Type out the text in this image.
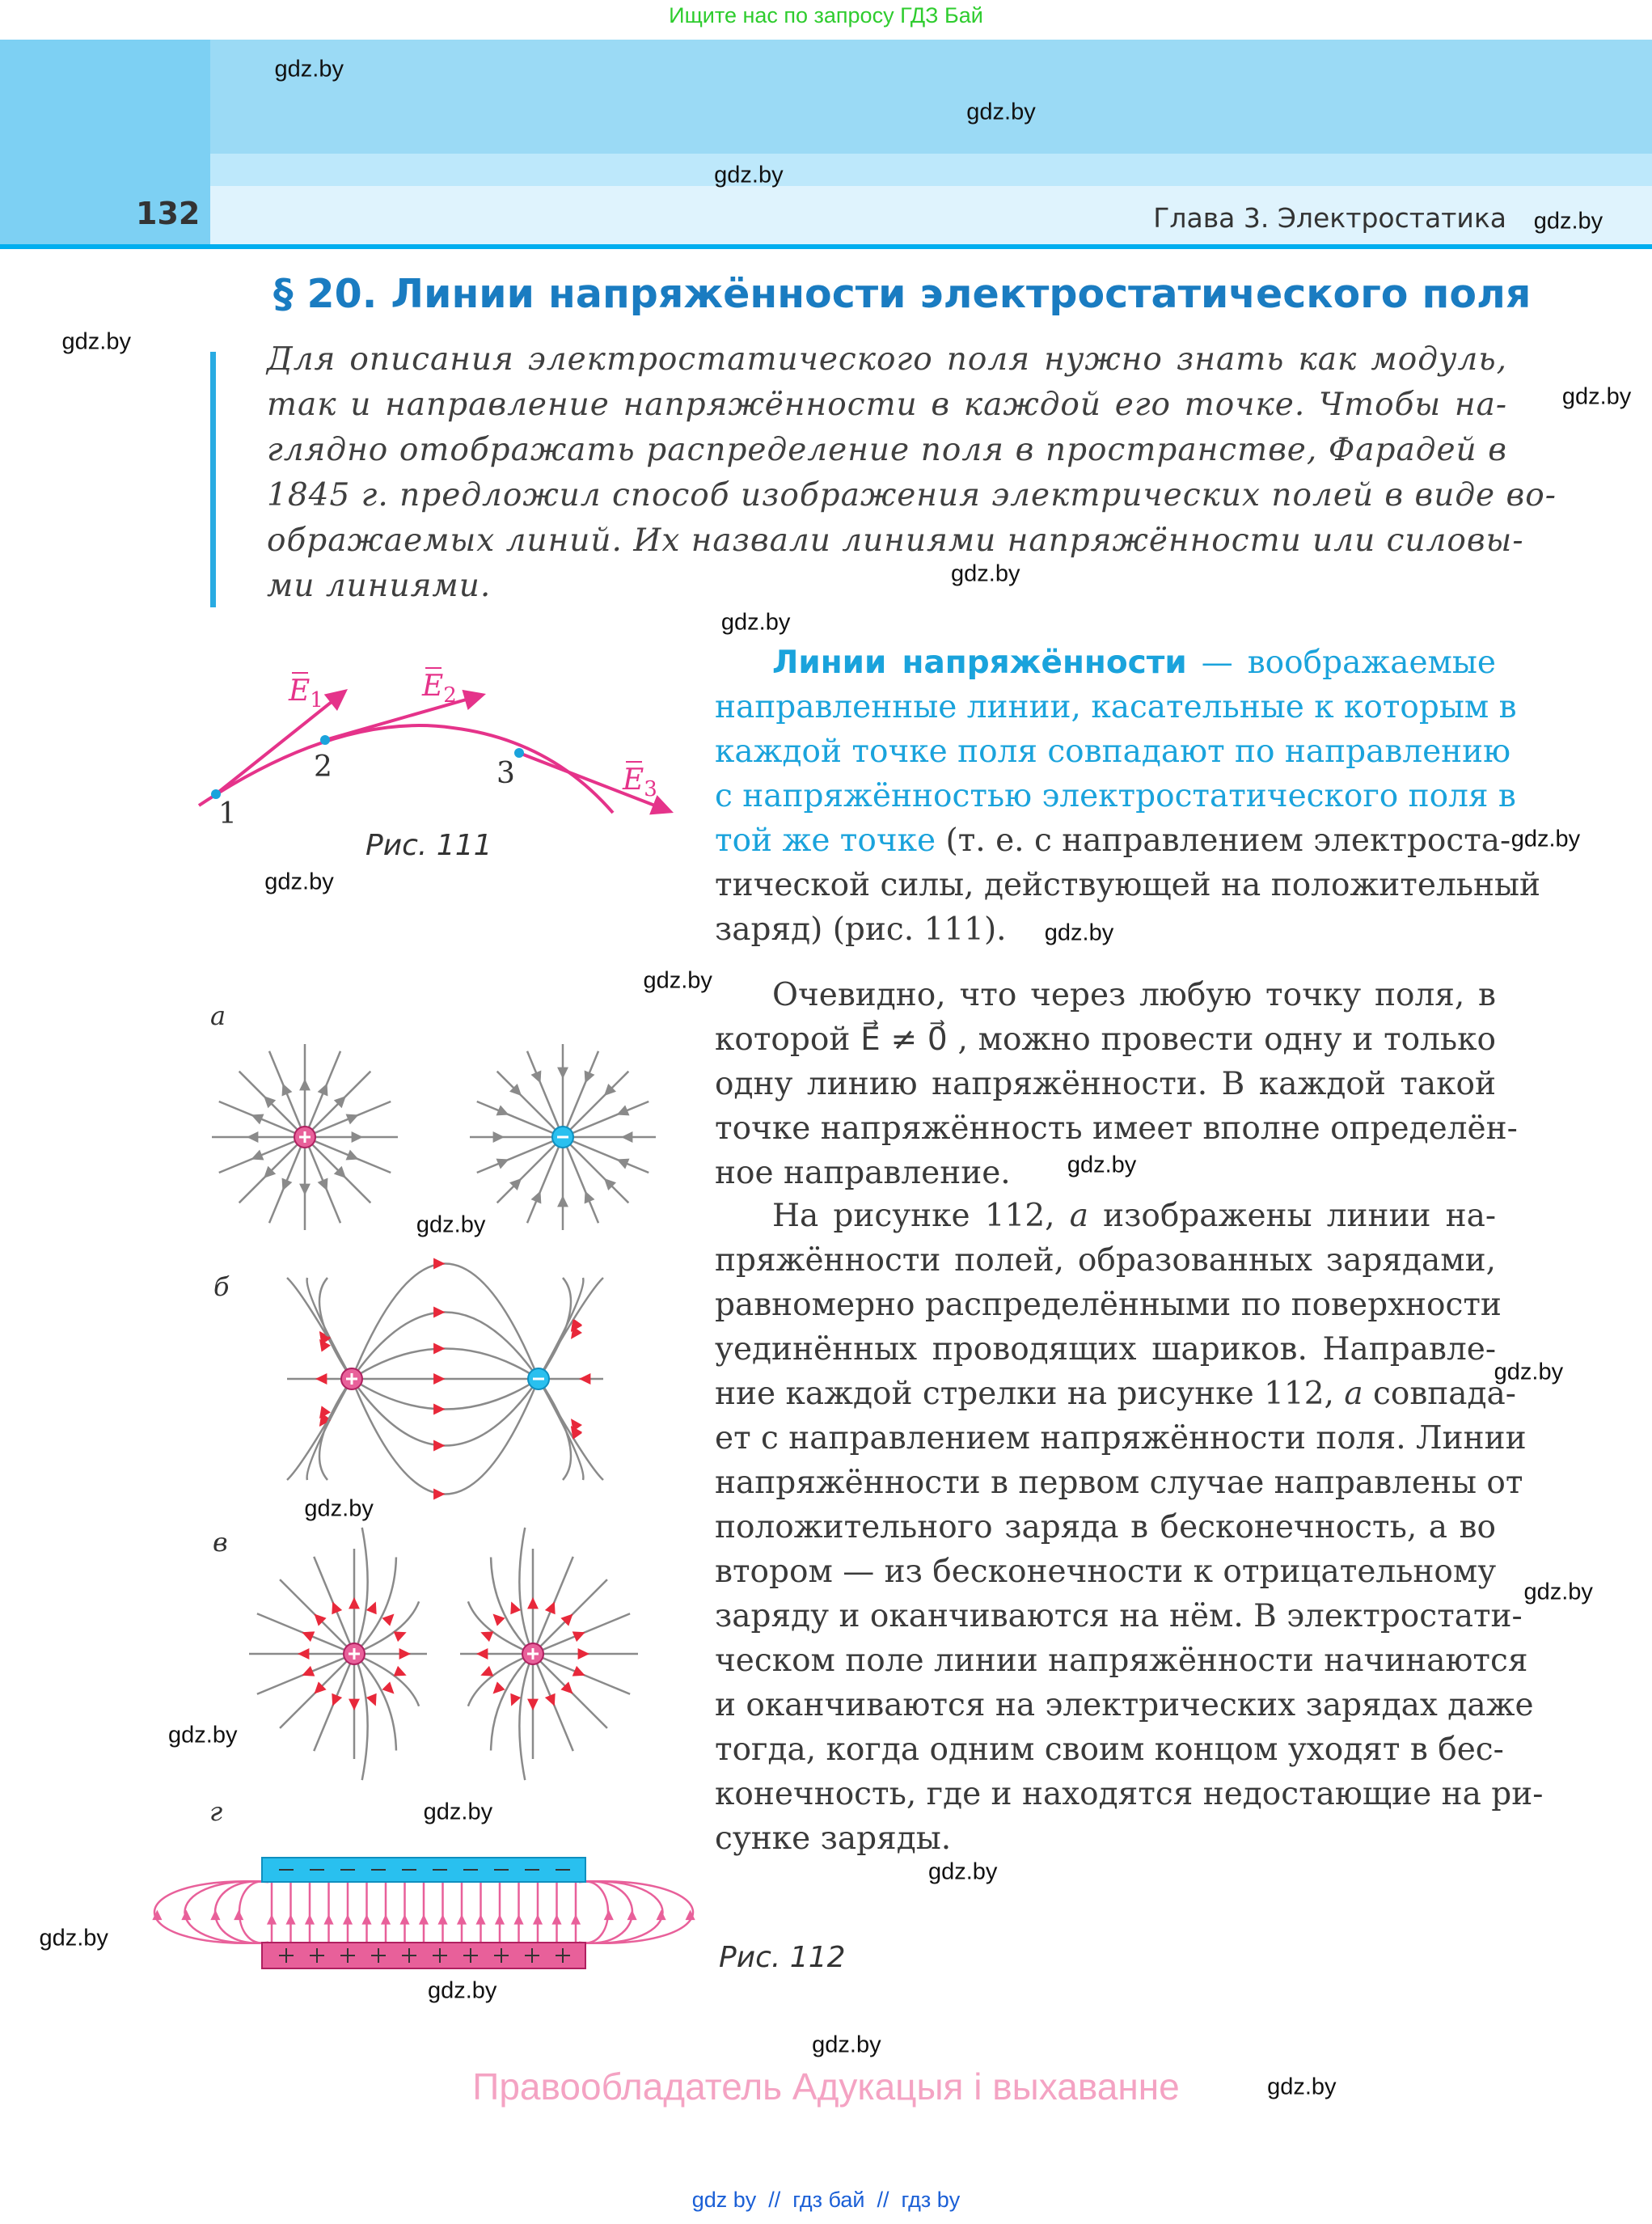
Ищите нас по запросу ГДЗ Бай
132	Глава 3. Электростатика
§ 20. Линии напряжённости электростатического поля
Для описания электростатического поля нужно знать как модуль,
так и направление напряжённости в каждой его точке. Чтобы на-
глядно отображать распределение поля в пространстве, Фарадей в
1845 г. предложил способ изображения электрических полей в виде во-
ображаемых линий. Их назвали линиями напряжённости или силовы-
ми линиями.
Линии напряжённости — воображаемые
направленные линии, касательные к которым в
каждой точке поля совпадают по направлению
с напряжённостью электростатического поля в
той же точке (т. е. с направлением электроста-
тической силы, действующей на положительный
заряд) (рис. 111).
Очевидно, что через любую точку поля, в
которой E⃗ ≠ 0⃗ , можно провести одну и только
одну линию напряжённости. В каждой такой
точке напряжённость имеет вполне определён-
ное направление.
На рисунке 112, а изображены линии на-
пряжённости полей, образованных зарядами,
равномерно распределёнными по поверхности
уединённых проводящих шариков. Направле-
ние каждой стрелки на рисунке 112, а совпада-
ет с направлением напряжённости поля. Линии
напряжённости в первом случае направлены от
положительного заряда в бесконечность, а во
втором — из бесконечности к отрицательному
заряду и оканчиваются на нём. В электростати-
ческом поле линии напряжённости начинаются
и оканчиваются на электрических зарядах даже
тогда, когда одним своим концом уходят в бес-
конечность, где и находятся недостающие на ри-
сунке заряды.
1
$E_1$
2
$E_2$
3	$E_3$
Рис. 111
а
б
в
г
Рис. 112
Правообладатель Адукацыя і выхаванне
gdz by  //  гдз бай  //  гдз by
gdz.by
gdz.by
gdz.by
gdz.by
gdz.by
gdz.by
gdz.by
gdz.by
gdz.by
gdz.by
gdz.by
gdz.by
gdz.by
gdz.by
gdz.by
gdz.by
gdz.by
gdz.by
gdz.by
gdz.by
gdz.by
gdz.by
gdz.by
gdz.by
